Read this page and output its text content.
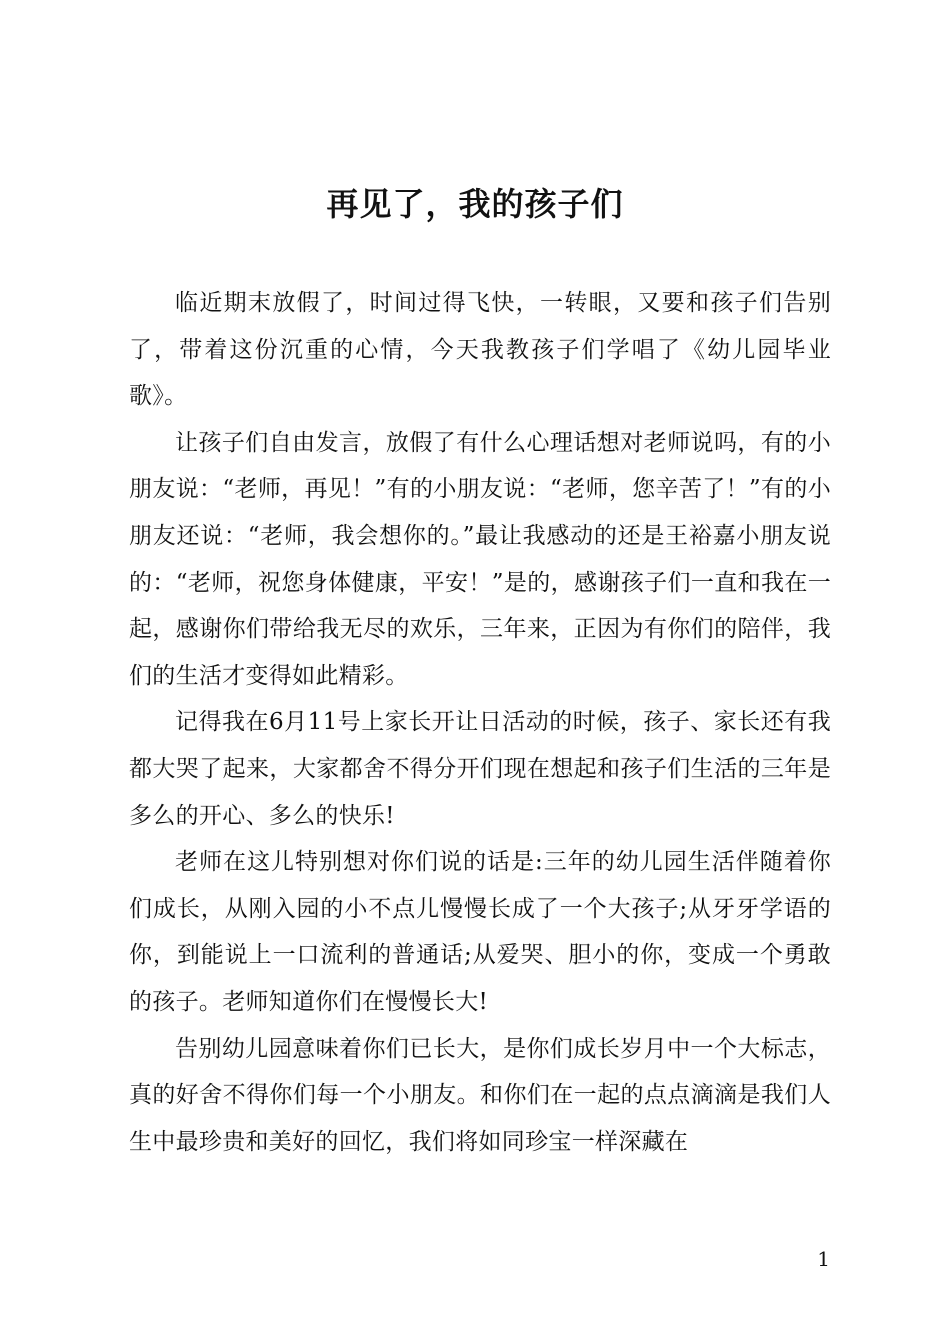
再见了，我的孩子们

临近期末放假了，时间过得飞快，一转眼，又要和孩子们告别了，带着这份沉重的心情，今天我教孩子们学唱了《幼儿园毕业歌》。

让孩子们自由发言，放假了有什么心理话想对老师说吗，有的小朋友说：“老师，再见！”有的小朋友说：“老师，您辛苦了！”有的小朋友还说：“老师，我会想你的。”最让我感动的还是王裕嘉小朋友说的：“老师，祝您身体健康，平安！”是的，感谢孩子们一直和我在一起，感谢你们带给我无尽的欢乐，三年来，正因为有你们的陪伴，我们的生活才变得如此精彩。

记得我在6月11号上家长开让日活动的时候，孩子、家长还有我都大哭了起来，大家都舍不得分开们现在想起和孩子们生活的三年是多么的开心、多么的快乐!

老师在这儿特别想对你们说的话是:三年的幼儿园生活伴随着你们成长，从刚入园的小不点儿慢慢长成了一个大孩子;从牙牙学语的你，到能说上一口流利的普通话;从爱哭、胆小的你，变成一个勇敢的孩子。老师知道你们在慢慢长大!

告别幼儿园意味着你们已长大，是你们成长岁月中一个大标志，真的好舍不得你们每一个小朋友。和你们在一起的点点滴滴是我们人生中最珍贵和美好的回忆，我们将如同珍宝一样深藏在

1
